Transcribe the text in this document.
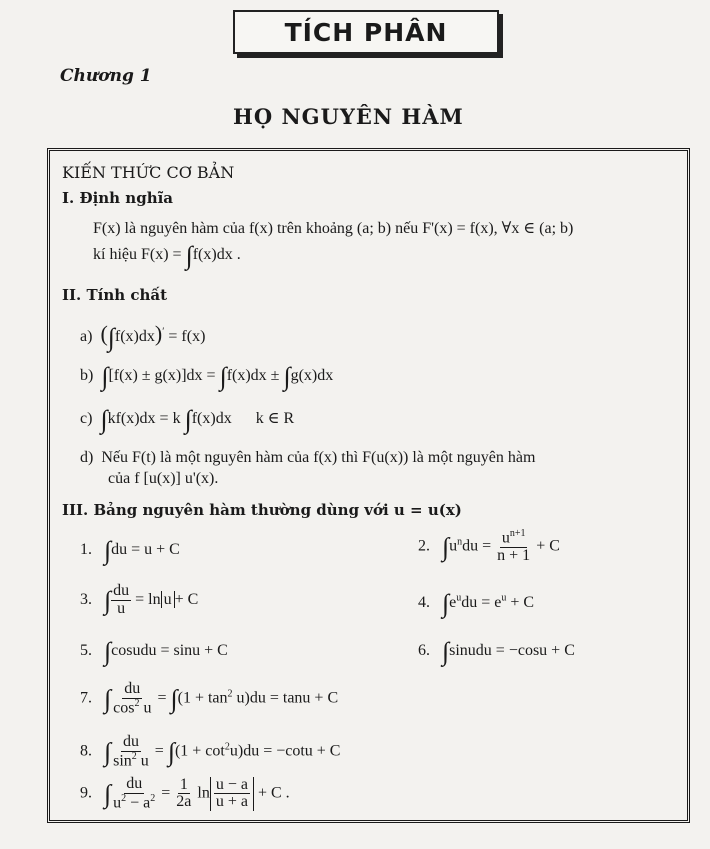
TÍCH PHÂN
Chương 1
HỌ NGUYÊN HÀM
KIẾN THỨC CƠ BẢN
I. Định nghĩa
F(x) là nguyên hàm của f(x) trên khoảng (a; b) nếu F'(x) = f(x), ∀x ∈ (a; b)
kí hiệu F(x) = ∫f(x)dx .
II. Tính chất
a) (∫f(x)dx)′ = f(x)
b) ∫[f(x) ± g(x)]dx = ∫f(x)dx ± ∫g(x)dx
c) ∫kf(x)dx = k ∫f(x)dx      k ∈ R
d) Nếu F(t) là một nguyên hàm của f(x) thì F(u(x)) là một nguyên hàm
của f [u(x)] u'(x).
III. Bảng nguyên hàm thường dùng với u = u(x)
1. ∫du = u + C	2. $\int u^ndu = \frac{u^{n+1}}{n + 1} + C$
3. ∫ $\frac{du}{u} = \ln u + C$	4. $\int e^udu = e^u + C$
5. ∫cosudu = sinu + C	6. ∫sinudu = −cosu + C
7. ∫ $\frac{du}{\cos^2 u} = \int(1 + \tan^2 u)du = \tan u + C$
8. ∫ $\frac{du}{\sin^2 u} = \int(1 + \cot^2u)du = -\cot u + C$
9. ∫ $\frac{du}{u^2 - a^2} = \frac{1}{2a}$ $\ln \frac{u - a}{u + a} + C$ .
